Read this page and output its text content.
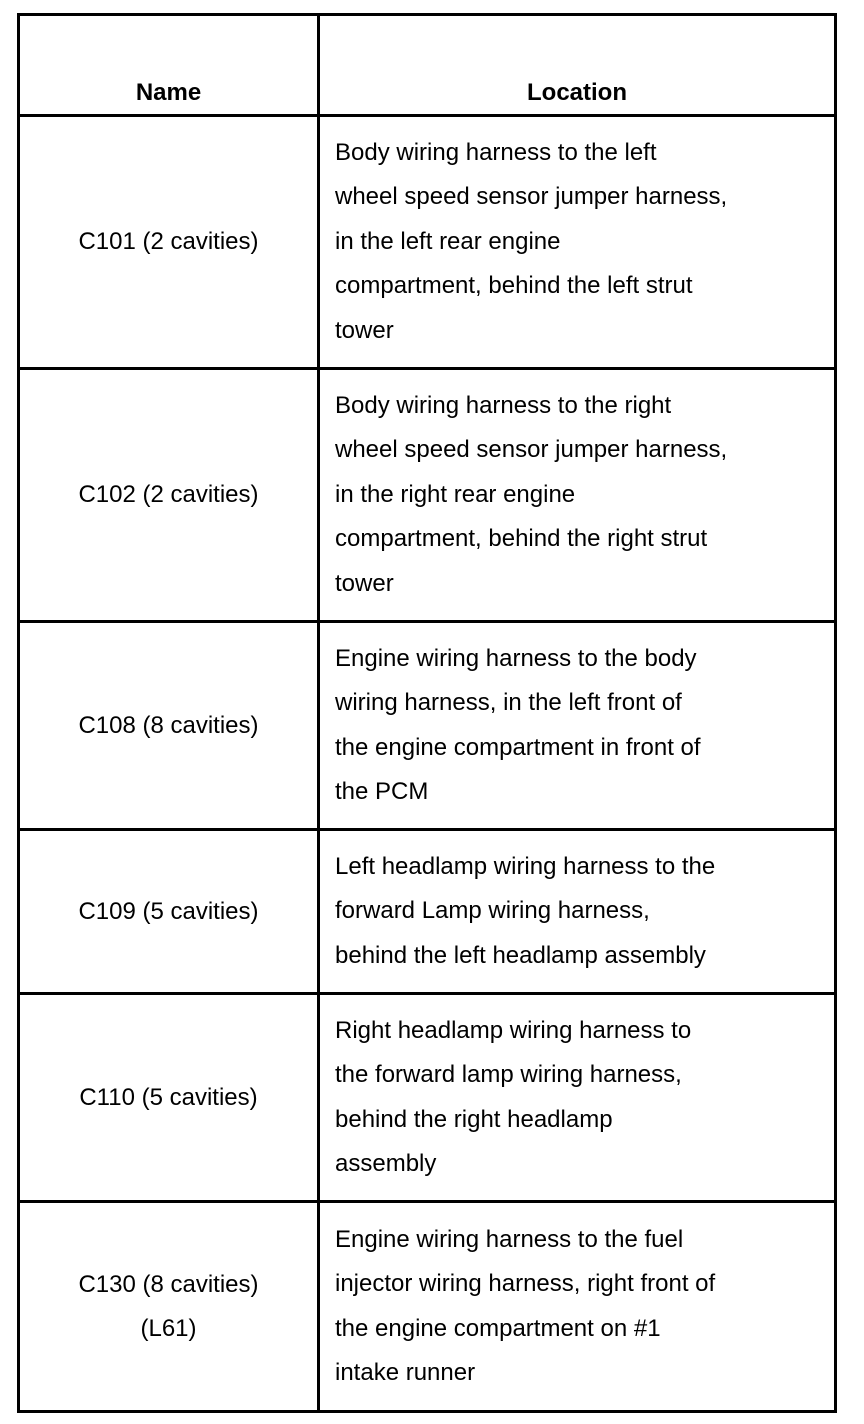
Name	Location

C101 (2 cavities)	Body wiring harness to the left
wheel speed sensor jumper harness,
in the left rear engine
compartment, behind the left strut
tower

C102 (2 cavities)	Body wiring harness to the right
wheel speed sensor jumper harness,
in the right rear engine
compartment, behind the right strut
tower

C108 (8 cavities)	Engine wiring harness to the body
wiring harness, in the left front of
the engine compartment in front of
the PCM

C109 (5 cavities)	Left headlamp wiring harness to the
forward Lamp wiring harness,
behind the left headlamp assembly

C110 (5 cavities)	Right headlamp wiring harness to
the forward lamp wiring harness,
behind the right headlamp
assembly

C130 (8 cavities)
(L61)	Engine wiring harness to the fuel
injector wiring harness, right front of
the engine compartment on #1
intake runner
